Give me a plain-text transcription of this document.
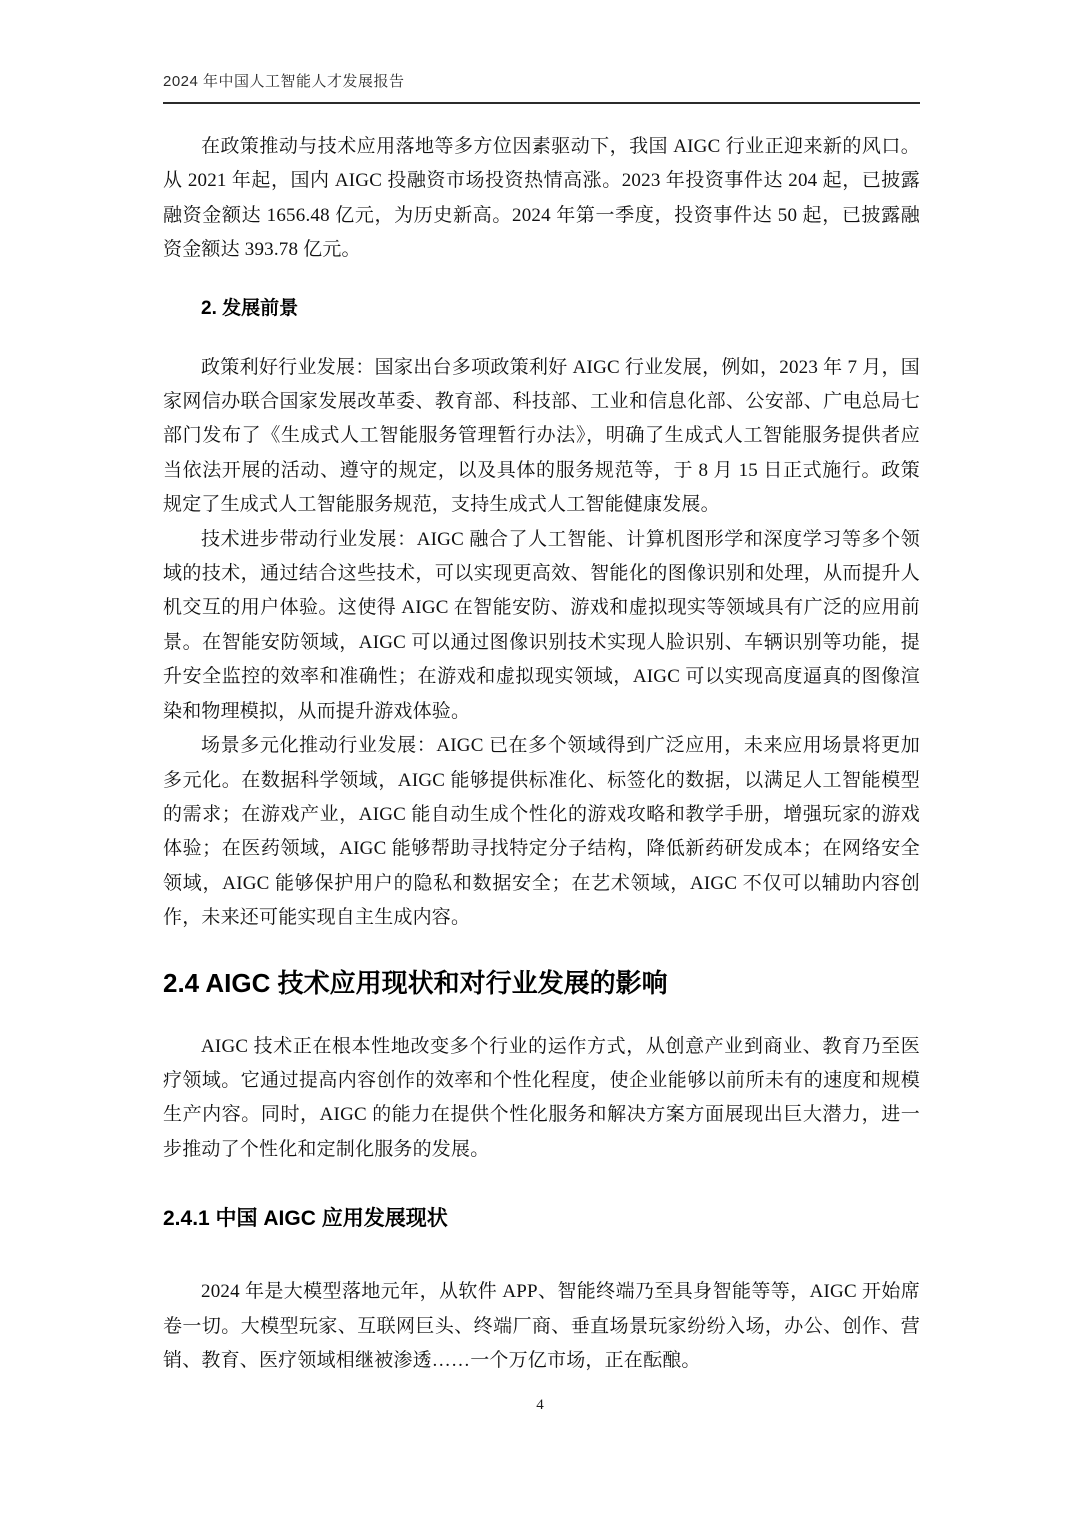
2024 年中国人工智能人才发展报告

在政策推动与技术应用落地等多方位因素驱动下，我国 AIGC 行业正迎来新的风口。从 2021 年起，国内 AIGC 投融资市场投资热情高涨。2023 年投资事件达 204 起，已披露融资金额达 1656.48 亿元，为历史新高。2024 年第一季度，投资事件达 50 起，已披露融资金额达 393.78 亿元。

2. 发展前景

政策利好行业发展：国家出台多项政策利好 AIGC 行业发展，例如，2023 年 7 月，国家网信办联合国家发展改革委、教育部、科技部、工业和信息化部、公安部、广电总局七部门发布了《生成式人工智能服务管理暂行办法》，明确了生成式人工智能服务提供者应当依法开展的活动、遵守的规定，以及具体的服务规范等，于 8 月 15 日正式施行。政策规定了生成式人工智能服务规范，支持生成式人工智能健康发展。

技术进步带动行业发展：AIGC 融合了人工智能、计算机图形学和深度学习等多个领域的技术，通过结合这些技术，可以实现更高效、智能化的图像识别和处理，从而提升人机交互的用户体验。这使得 AIGC 在智能安防、游戏和虚拟现实等领域具有广泛的应用前景。在智能安防领域，AIGC 可以通过图像识别技术实现人脸识别、车辆识别等功能，提升安全监控的效率和准确性；在游戏和虚拟现实领域，AIGC 可以实现高度逼真的图像渲染和物理模拟，从而提升游戏体验。

场景多元化推动行业发展：AIGC 已在多个领域得到广泛应用，未来应用场景将更加多元化。在数据科学领域，AIGC 能够提供标准化、标签化的数据，以满足人工智能模型的需求；在游戏产业，AIGC 能自动生成个性化的游戏攻略和教学手册，增强玩家的游戏体验；在医药领域，AIGC 能够帮助寻找特定分子结构，降低新药研发成本；在网络安全领域，AIGC 能够保护用户的隐私和数据安全；在艺术领域，AIGC 不仅可以辅助内容创作，未来还可能实现自主生成内容。

2.4 AIGC 技术应用现状和对行业发展的影响

AIGC 技术正在根本性地改变多个行业的运作方式，从创意产业到商业、教育乃至医疗领域。它通过提高内容创作的效率和个性化程度，使企业能够以前所未有的速度和规模生产内容。同时，AIGC 的能力在提供个性化服务和解决方案方面展现出巨大潜力，进一步推动了个性化和定制化服务的发展。

2.4.1 中国 AIGC 应用发展现状

2024 年是大模型落地元年，从软件 APP、智能终端乃至具身智能等等，AIGC 开始席卷一切。大模型玩家、互联网巨头、终端厂商、垂直场景玩家纷纷入场，办公、创作、营销、教育、医疗领域相继被渗透……一个万亿市场，正在酝酿。

4
